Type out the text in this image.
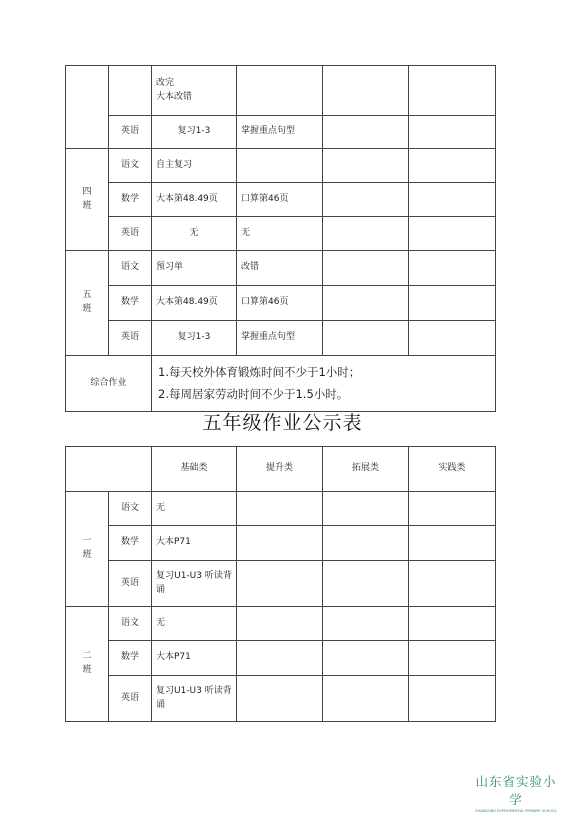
		改完
大本改错			

	英语	复习1-3	掌握重点句型		
四
班	语文	自主复习			
	数学	大本第48.49页	口算第46页		
	英语	无	无		
五
班	语文	预习单	改错		
	数学	大本第48.49页	口算第46页		
	英语	复习1-3	掌握重点句型		
综合作业		1.每天校外体育锻炼时间不少于1小时；
2.每周居家劳动时间不少于1.5小时。			
五年级作业公示表
		基础类	提升类	拓展类	实践类
一
班	语文	无			
	数学	大本P71			
	英语	复习U1-U3 听读背诵			
二
班	语文	无			
	数学	大本P71			
	英语	复习U1-U3 听读背诵			
山东省实验小学
SHANDONG EXPERIMENTAL PRIMARY SCHOOL
